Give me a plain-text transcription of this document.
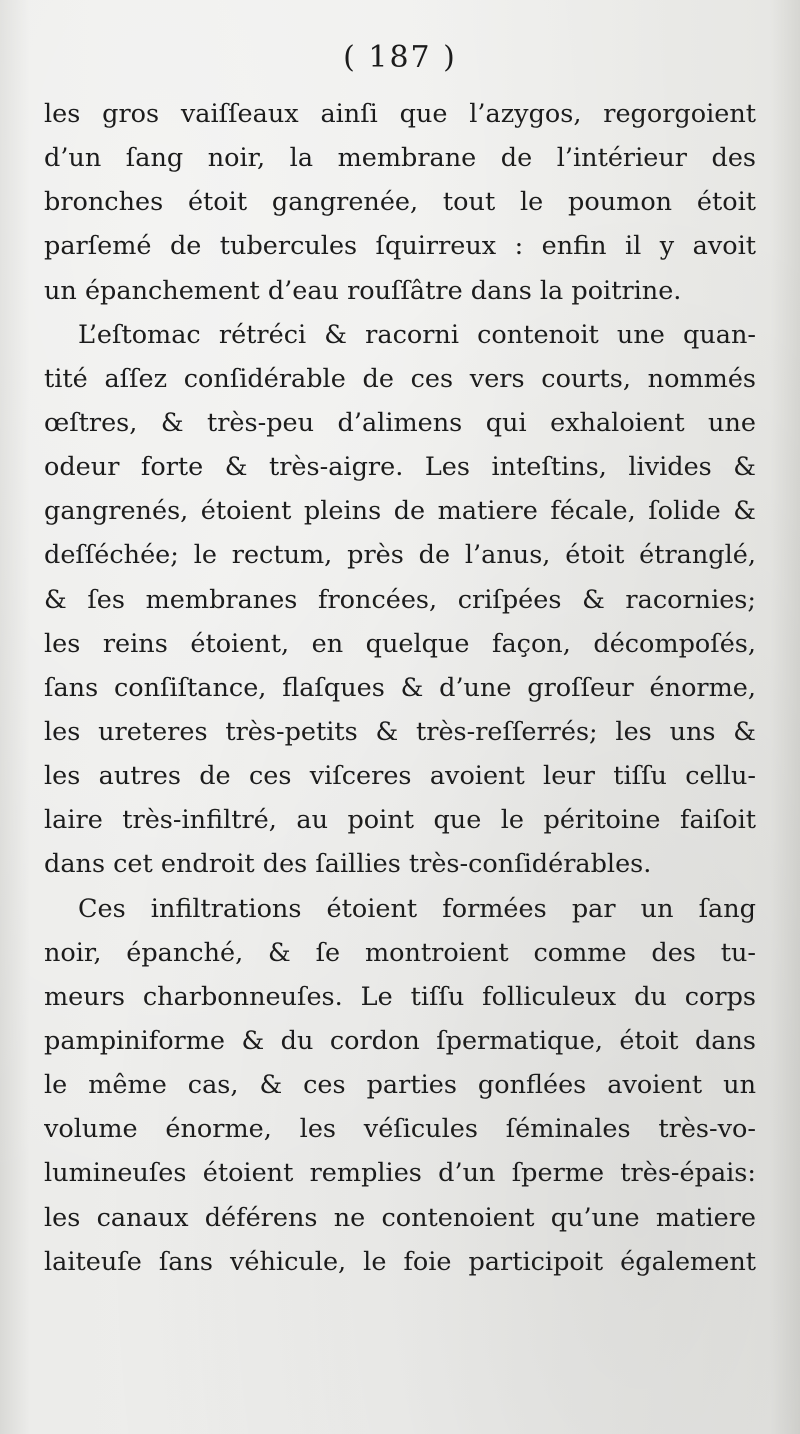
( 187 )
les gros vaiſſeaux ainſi que l’azygos, regorgoient
d’un ſang noir, la membrane de l’intérieur des
bronches étoit gangrenée, tout le poumon étoit
parſemé de tubercules ſquirreux : enfin il y avoit
un épanchement d’eau rouſſâtre dans la poitrine.
L’eſtomac rétréci & racorni contenoit une quan-
tité aſſez conſidérable de ces vers courts, nommés
œſtres, & très-peu d’alimens qui exhaloient une
odeur forte & très-aigre. Les inteſtins, livides &
gangrenés, étoient pleins de matiere fécale, ſolide &
deſſéchée; le rectum, près de l’anus, étoit étranglé,
& ſes membranes froncées, criſpées & racornies;
les reins étoient, en quelque façon, décompoſés,
ſans conſiſtance, flaſques & d’une groſſeur énorme,
les ureteres très-petits & très-reſſerrés; les uns &
les autres de ces viſceres avoient leur tiſſu cellu-
laire très-infiltré, au point que le péritoine faiſoit
dans cet endroit des ſaillies très-conſidérables.
Ces infiltrations étoient formées par un ſang
noir, épanché, & ſe montroient comme des tu-
meurs charbonneuſes. Le tiſſu folliculeux du corps
pampiniforme & du cordon ſpermatique, étoit dans
le même cas, & ces parties gonflées avoient un
volume énorme, les véſicules ſéminales très-vo-
lumineuſes étoient remplies d’un ſperme très-épais:
les canaux déférens ne contenoient qu’une matiere
laiteuſe ſans véhicule, le foie participoit également
